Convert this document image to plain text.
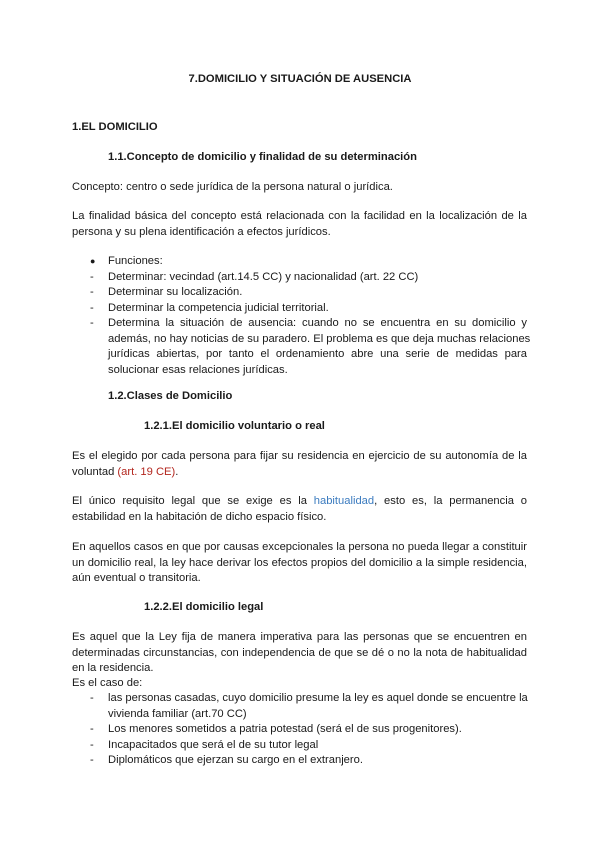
7.DOMICILIO Y SITUACIÓN DE AUSENCIA
1.EL DOMICILIO
1.1.Concepto de domicilio y finalidad de su determinación
Concepto: centro o sede jurídica de la persona natural o jurídica.
La finalidad básica del concepto está relacionada con la facilidad en la localización de la
persona y su plena identificación a efectos jurídicos.
● Funciones:
- Determinar: vecindad (art.14.5 CC) y nacionalidad (art. 22 CC)
- Determinar su localización.
- Determinar la competencia judicial territorial.
- Determina la situación de ausencia: cuando no se encuentra en su domicilio y
además, no hay noticias de su paradero. El problema es que deja muchas relaciones
jurídicas abiertas, por tanto el ordenamiento abre una serie de medidas para
solucionar esas relaciones jurídicas.
1.2.Clases de Domicilio
1.2.1.El domicilio voluntario o real
Es el elegido por cada persona para fijar su residencia en ejercicio de su autonomía de la
voluntad (art. 19 CE).
El único requisito legal que se exige es la habitualidad, esto es, la permanencia o
estabilidad en la habitación de dicho espacio físico.
En aquellos casos en que por causas excepcionales la persona no pueda llegar a constituir
un domicilio real, la ley hace derivar los efectos propios del domicilio a la simple residencia,
aún eventual o transitoria.
1.2.2.El domicilio legal
Es aquel que la Ley fija de manera imperativa para las personas que se encuentren en
determinadas circunstancias, con independencia de que se dé o no la nota de habitualidad
en la residencia.
Es el caso de:
- las personas casadas, cuyo domicilio presume la ley es aquel donde se encuentre la
vivienda familiar (art.70 CC)
- Los menores sometidos a patria potestad (será el de sus progenitores).
- Incapacitados que será el de su tutor legal
- Diplomáticos que ejerzan su cargo en el extranjero.
